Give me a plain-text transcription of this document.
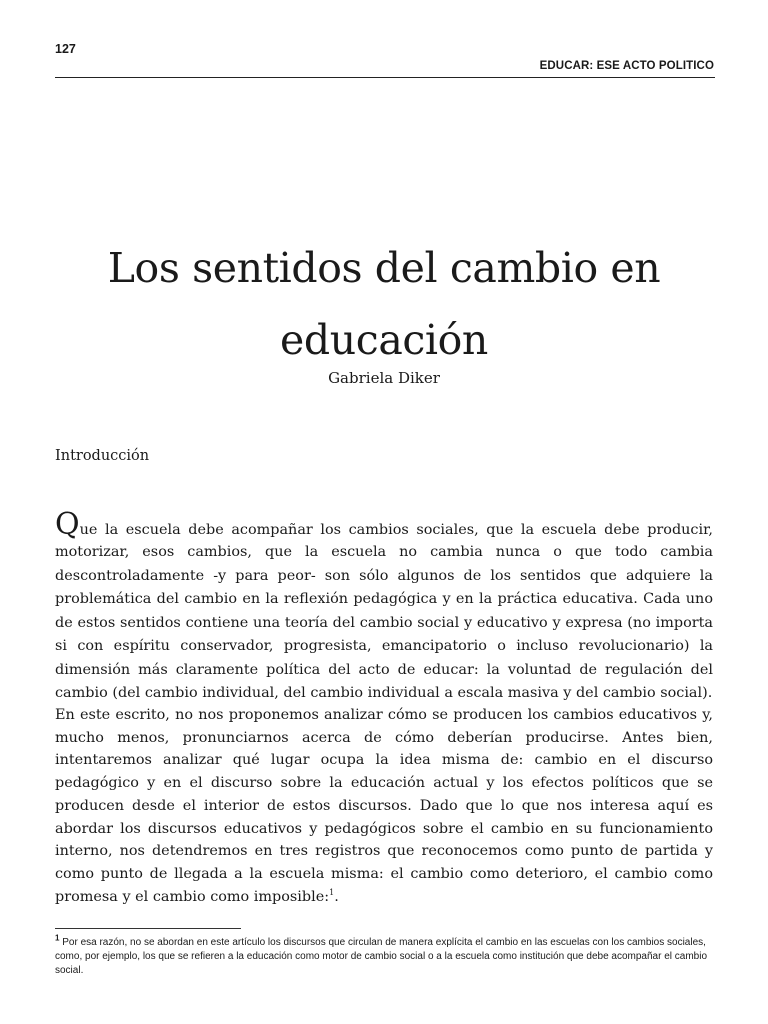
127
EDUCAR: ESE ACTO POLITICO
Los sentidos del cambio en
educación
Gabriela Diker
Introducción
Que la escuela debe acompañar los cambios sociales, que la escuela debe producir,
motorizar, esos cambios, que la escuela no cambia nunca o que todo cambia descontroladamente -y para peor- son sólo algunos de los sentidos que adquiere la problemática del cambio en la reflexión pedagógica y en la práctica educativa. Cada uno de estos sentidos contiene una teoría del cambio social y educativo y expresa (no importa si con espíritu conservador, progresista, emancipatorio o incluso revolucionario) la dimensión más claramente política del acto de educar: la voluntad de regulación del cambio (del cambio individual, del cambio individual a escala masiva y del cambio social).

En este escrito, no nos proponemos analizar cómo se producen los cambios educativos y, mucho menos, pronunciarnos acerca de cómo deberían producirse. Antes bien, intentaremos analizar qué lugar ocupa la idea misma de: cambio en el discurso pedagógico y en el discurso sobre la educación actual y los efectos políticos que se producen desde el interior de estos discursos. Dado que lo que nos interesa aquí es abordar los discursos educativos y pedagógicos sobre el cambio en su funcionamiento interno, nos detendremos en tres registros que reconocemos como punto de partida y como punto de llegada a la escuela misma: el cambio como deterioro, el cambio como promesa y el cambio como imposible:$^1$.

$^1$ Por esa razón, no se abordan en este artículo los discursos que circulan de manera explícita el cambio en las escuelas con los cambios sociales, como, por ejemplo, los que se refieren a la educación como motor de cambio social o a la escuela como institución que debe acompañar el cambio social.
